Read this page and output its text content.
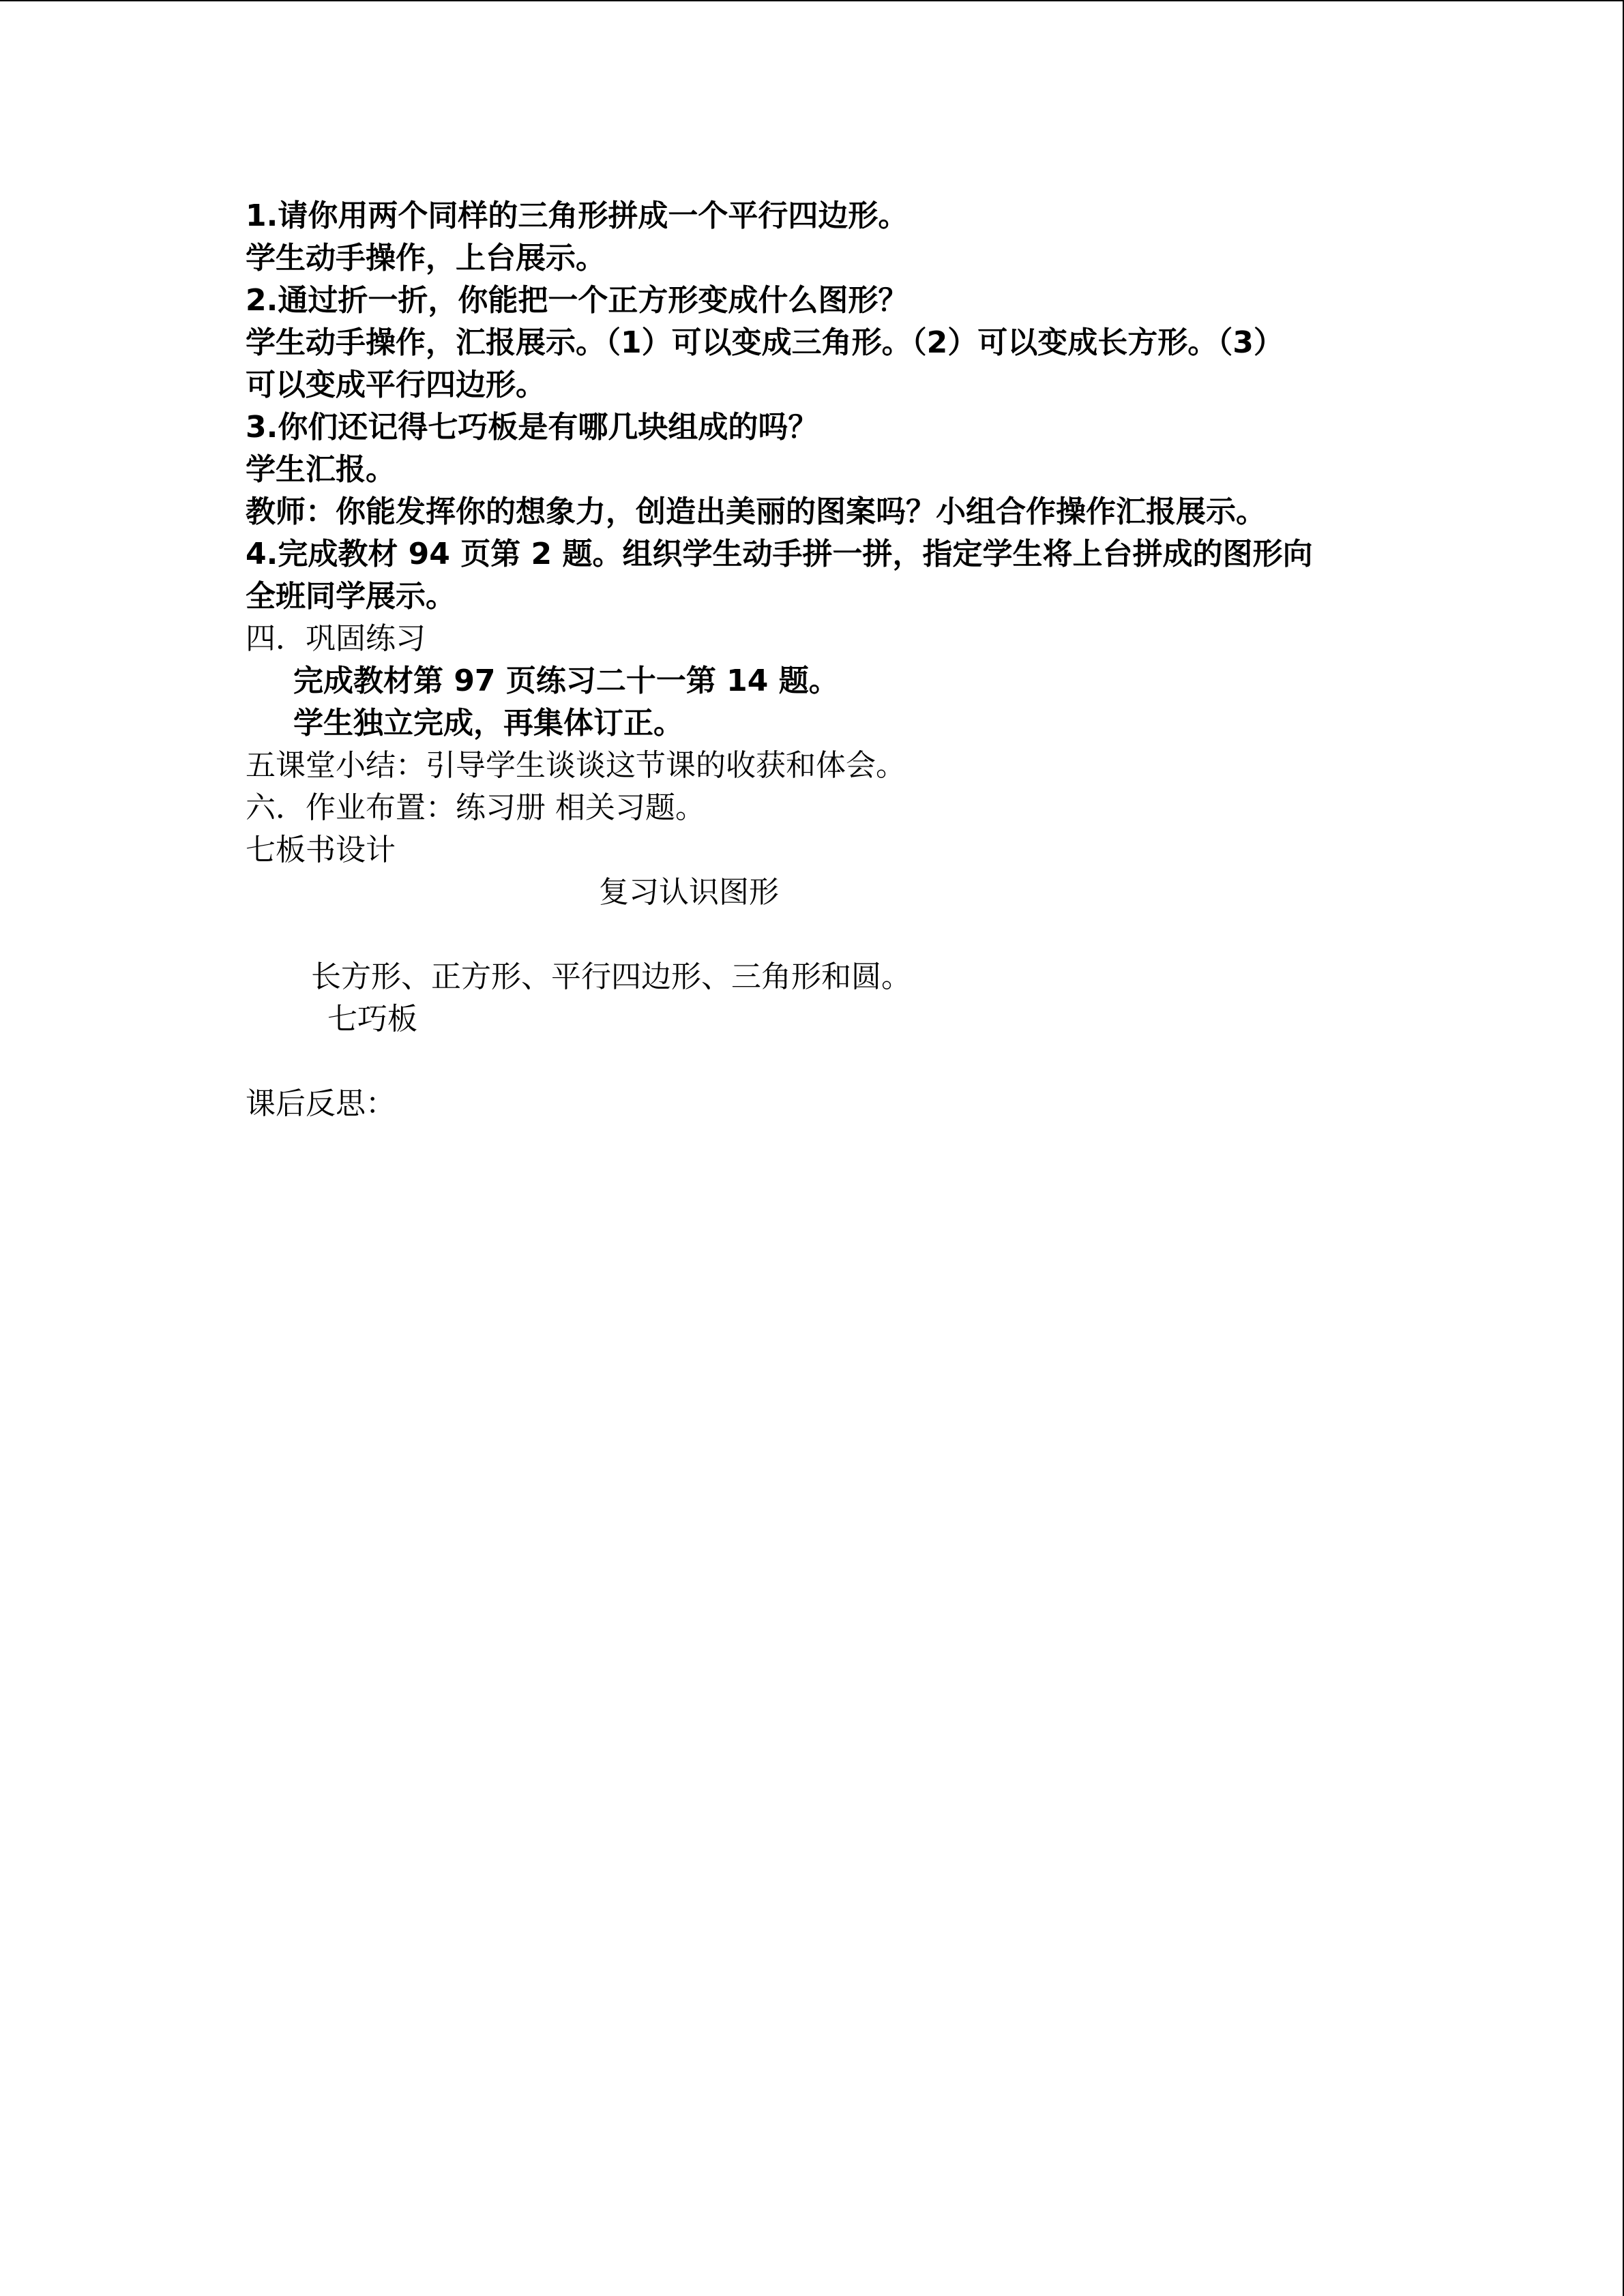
1.请你用两个同样的三角形拼成一个平行四边形。
学生动手操作，上台展示。
2.通过折一折，你能把一个正方形变成什么图形？
学生动手操作，汇报展示。（1）可以变成三角形。（2）可以变成长方形。（3）
可以变成平行四边形。
3.你们还记得七巧板是有哪几块组成的吗？
学生汇报。
教师：你能发挥你的想象力，创造出美丽的图案吗？小组合作操作汇报展示。
4.完成教材 94 页第 2 题。组织学生动手拼一拼，指定学生将上台拼成的图形向
全班同学展示。
四．巩固练习
完成教材第 97 页练习二十一第 14 题。
学生独立完成，再集体订正。
五课堂小结：引导学生谈谈这节课的收获和体会。
六．作业布置：练习册 相关习题。
七板书设计
复习认识图形
长方形、正方形、平行四边形、三角形和圆。
七巧板
课后反思：
